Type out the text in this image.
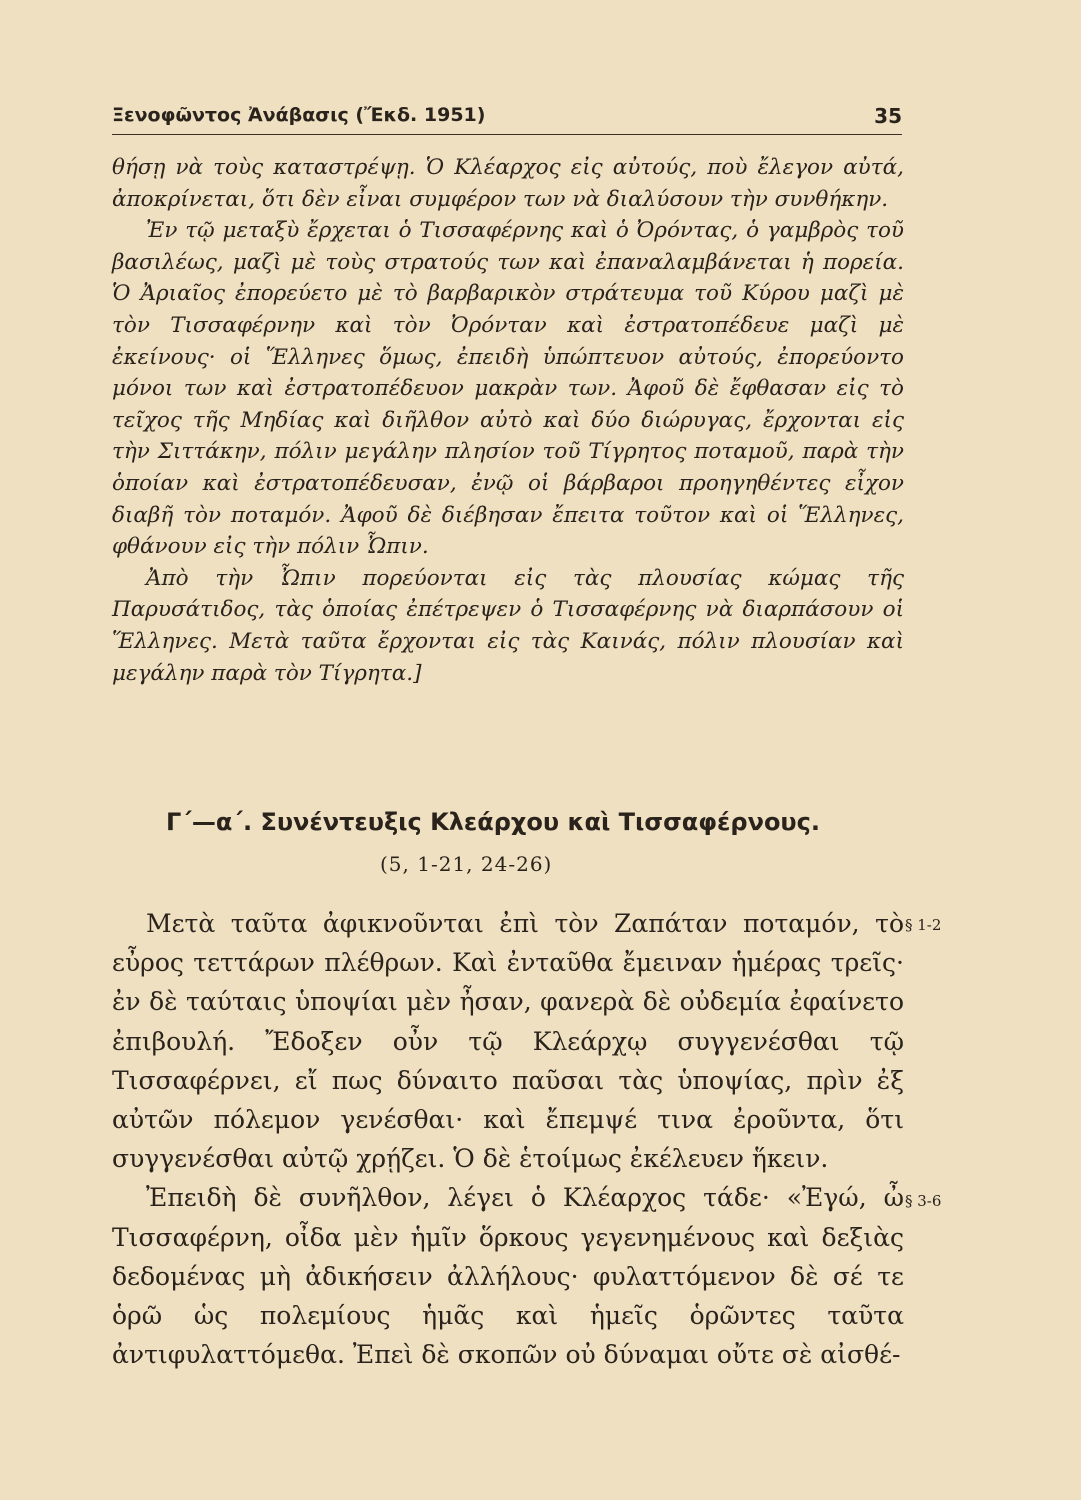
Ξενοφῶντος Ἀνάβασις (Ἔκδ. 1951)	35

θήσῃ νὰ τοὺς καταστρέψῃ. Ὁ Κλέαρχος εἰς αὐτούς, ποὺ ἔλεγον αὐτά, ἀποκρίνεται, ὅτι δὲν εἶναι συμφέρον των νὰ διαλύσουν τὴν συνθήκην.

Ἐν τῷ μεταξὺ ἔρχεται ὁ Τισσαφέρνης καὶ ὁ Ὀρόντας, ὁ γαμβρὸς τοῦ βασιλέως, μαζὶ μὲ τοὺς στρατούς των καὶ ἐπαναλαμβάνεται ἡ πορεία. Ὁ Ἀριαῖος ἐπορεύετο μὲ τὸ βαρβαρικὸν στράτευμα τοῦ Κύρου μαζὶ μὲ τὸν Τισσαφέρνην καὶ τὸν Ὀρόνταν καὶ ἐστρατοπέδευε μαζὶ μὲ ἐκείνους· οἱ Ἕλληνες ὅμως, ἐπειδὴ ὑπώπτευον αὐτούς, ἐπορεύοντο μόνοι των καὶ ἐστρατοπέδευον μακρὰν των. Ἀφοῦ δὲ ἔφθασαν εἰς τὸ τεῖχος τῆς Μηδίας καὶ διῆλθον αὐτὸ καὶ δύο διώρυγας, ἔρχονται εἰς τὴν Σιττάκην, πόλιν μεγάλην πλησίον τοῦ Τίγρητος ποταμοῦ, παρὰ τὴν ὁποίαν καὶ ἐστρατοπέδευσαν, ἐνῷ οἱ βάρβαροι προηγηθέντες εἶχον διαβῆ τὸν ποταμόν. Ἀφοῦ δὲ διέβησαν ἔπειτα τοῦτον καὶ οἱ Ἕλληνες, φθάνουν εἰς τὴν πόλιν Ὦπιν.

Ἀπὸ τὴν Ὦπιν πορεύονται εἰς τὰς πλουσίας κώμας τῆς Παρυσάτιδος, τὰς ὁποίας ἐπέτρεψεν ὁ Τισσαφέρνης νὰ διαρπάσουν οἱ Ἕλληνες. Μετὰ ταῦτα ἔρχονται εἰς τὰς Καινάς, πόλιν πλουσίαν καὶ μεγάλην παρὰ τὸν Τίγρητα.]

Γ΄—α΄. Συνέντευξις Κλεάρχου καὶ Τισσαφέρνους.
(5, 1-21, 24-26)

Μετὰ ταῦτα ἀφικνοῦνται ἐπὶ τὸν Ζαπάταν ποταμόν, τὸ εὖρος τεττάρων πλέθρων. Καὶ ἐνταῦθα ἔμειναν ἡμέρας τρεῖς· ἐν δὲ ταύταις ὑποψίαι μὲν ἦσαν, φανερὰ δὲ οὐδεμία ἐφαίνετο ἐπιβουλή. Ἔδοξεν οὖν τῷ Κλεάρχῳ συγγενέσθαι τῷ Τισσαφέρνει, εἴ πως δύναιτο παῦσαι τὰς ὑποψίας, πρὶν ἐξ αὐτῶν πόλεμον γενέσθαι· καὶ ἔπεμψέ τινα ἐροῦντα, ὅτι συγγενέσθαι αὐτῷ χρῄζει. Ὁ δὲ ἑτοίμως ἐκέλευεν ἥκειν.

Ἐπειδὴ δὲ συνῆλθον, λέγει ὁ Κλέαρχος τάδε· «Ἐγώ, ὦ Τισσαφέρνη, οἶδα μὲν ἡμῖν ὅρκους γεγενημένους καὶ δεξιὰς δεδομένας μὴ ἀδικήσειν ἀλλήλους· φυλαττόμενον δὲ σέ τε ὁρῶ ὡς πολεμίους ἡμᾶς καὶ ἡμεῖς ὁρῶντες ταῦτα ἀντιφυλαττόμεθα. Ἐπεὶ δὲ σκοπῶν οὐ δύναμαι οὔτε σὲ αἰσθέ-

§ 1-2
§ 3-6
